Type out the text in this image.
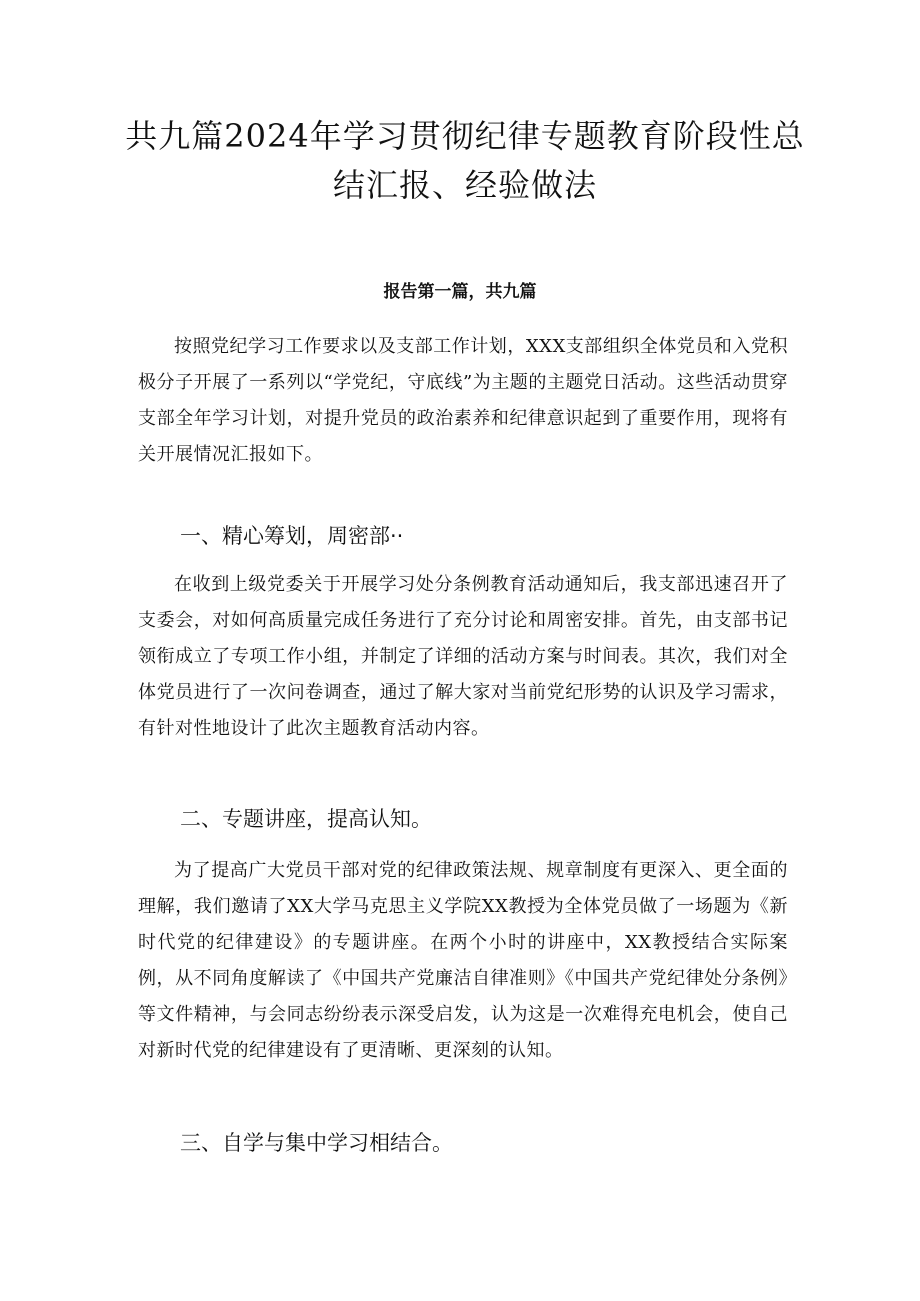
共九篇2024年学习贯彻纪律专题教育阶段性总结汇报、经验做法

报告第一篇，共九篇

按照党纪学习工作要求以及支部工作计划，XXX支部组织全体党员和入党积极分子开展了一系列以“学党纪，守底线”为主题的主题党日活动。这些活动贯穿支部全年学习计划，对提升党员的政治素养和纪律意识起到了重要作用，现将有关开展情况汇报如下。

一、精心筹划，周密部··

在收到上级党委关于开展学习处分条例教育活动通知后，我支部迅速召开了支委会，对如何高质量完成任务进行了充分讨论和周密安排。首先，由支部书记领衔成立了专项工作小组，并制定了详细的活动方案与时间表。其次，我们对全体党员进行了一次问卷调查，通过了解大家对当前党纪形势的认识及学习需求，有针对性地设计了此次主题教育活动内容。

二、专题讲座，提高认知。

为了提高广大党员干部对党的纪律政策法规、规章制度有更深入、更全面的理解，我们邀请了XX大学马克思主义学院XX教授为全体党员做了一场题为《新时代党的纪律建设》的专题讲座。在两个小时的讲座中，XX教授结合实际案例，从不同角度解读了《中国共产党廉洁自律准则》《中国共产党纪律处分条例》等文件精神，与会同志纷纷表示深受启发，认为这是一次难得充电机会，使自己对新时代党的纪律建设有了更清晰、更深刻的认知。

三、自学与集中学习相结合。
